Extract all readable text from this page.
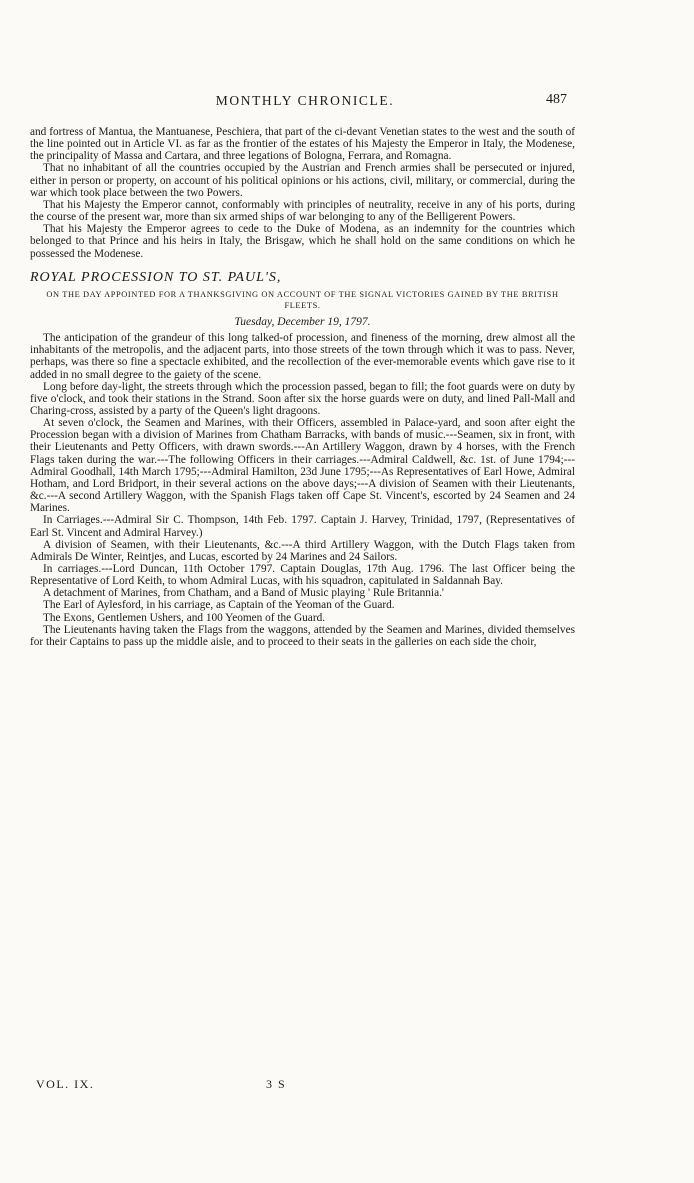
MONTHLY CHRONICLE.	487

and fortress of Mantua, the Mantuanese, Peschiera, that part of the ci-devant Venetian states to the west and the south of the line pointed out in Article VI. as far as the frontier of the estates of his Majesty the Emperor in Italy, the Modenese, the principality of Massa and Cartara, and three legations of Bologna, Ferrara, and Romagna.

That no inhabitant of all the countries occupied by the Austrian and French armies shall be persecuted or injured, either in person or property, on account of his political opinions or his actions, civil, military, or commercial, during the war which took place between the two Powers.

That his Majesty the Emperor cannot, conformably with principles of neutrality, receive in any of his ports, during the course of the present war, more than six armed ships of war belonging to any of the Belligerent Powers.

That his Majesty the Emperor agrees to cede to the Duke of Modena, as an indemnity for the countries which belonged to that Prince and his heirs in Italy, the Brisgaw, which he shall hold on the same conditions on which he possessed the Modenese.

ROYAL PROCESSION TO ST. PAUL'S,

ON THE DAY APPOINTED FOR A THANKSGIVING ON ACCOUNT OF THE SIGNAL VICTORIES GAINED BY THE BRITISH FLEETS.

Tuesday, December 19, 1797.

The anticipation of the grandeur of this long talked-of procession, and fineness of the morning, drew almost all the inhabitants of the metropolis, and the adjacent parts, into those streets of the town through which it was to pass. Never, perhaps, was there so fine a spectacle exhibited, and the recollection of the ever-memorable events which gave rise to it added in no small degree to the gaiety of the scene.

Long before day-light, the streets through which the procession passed, began to fill; the foot guards were on duty by five o'clock, and took their stations in the Strand. Soon after six the horse guards were on duty, and lined Pall-Mall and Charing-cross, assisted by a party of the Queen's light dragoons.

At seven o'clock, the Seamen and Marines, with their Officers, assembled in Palace-yard, and soon after eight the Procession began with a division of Marines from Chatham Barracks, with bands of music.---Seamen, six in front, with their Lieutenants and Petty Officers, with drawn swords.---An Artillery Waggon, drawn by 4 horses, with the French Flags taken during the war.---The following Officers in their carriages.---Admiral Caldwell, &c. 1st. of June 1794;---Admiral Goodhall, 14th March 1795;---Admiral Hamilton, 23d June 1795;---As Representatives of Earl Howe, Admiral Hotham, and Lord Bridport, in their several actions on the above days;---A division of Seamen with their Lieutenants, &c.---A second Artillery Waggon, with the Spanish Flags taken off Cape St. Vincent's, escorted by 24 Seamen and 24 Marines.

In Carriages.---Admiral Sir C. Thompson, 14th Feb. 1797. Captain J. Harvey, Trinidad, 1797, (Representatives of Earl St. Vincent and Admiral Harvey.)

A division of Seamen, with their Lieutenants, &c.---A third Artillery Waggon, with the Dutch Flags taken from Admirals De Winter, Reintjes, and Lucas, escorted by 24 Marines and 24 Sailors.

In carriages.---Lord Duncan, 11th October 1797. Captain Douglas, 17th Aug. 1796. The last Officer being the Representative of Lord Keith, to whom Admiral Lucas, with his squadron, capitulated in Saldannah Bay.

A detachment of Marines, from Chatham, and a Band of Music playing ' Rule Britannia.'

The Earl of Aylesford, in his carriage, as Captain of the Yeoman of the Guard.

The Exons, Gentlemen Ushers, and 100 Yeomen of the Guard.

The Lieutenants having taken the Flags from the waggons, attended by the Seamen and Marines, divided themselves for their Captains to pass up the middle aisle, and to proceed to their seats in the galleries on each side the choir,

VOL. IX.	3 S
